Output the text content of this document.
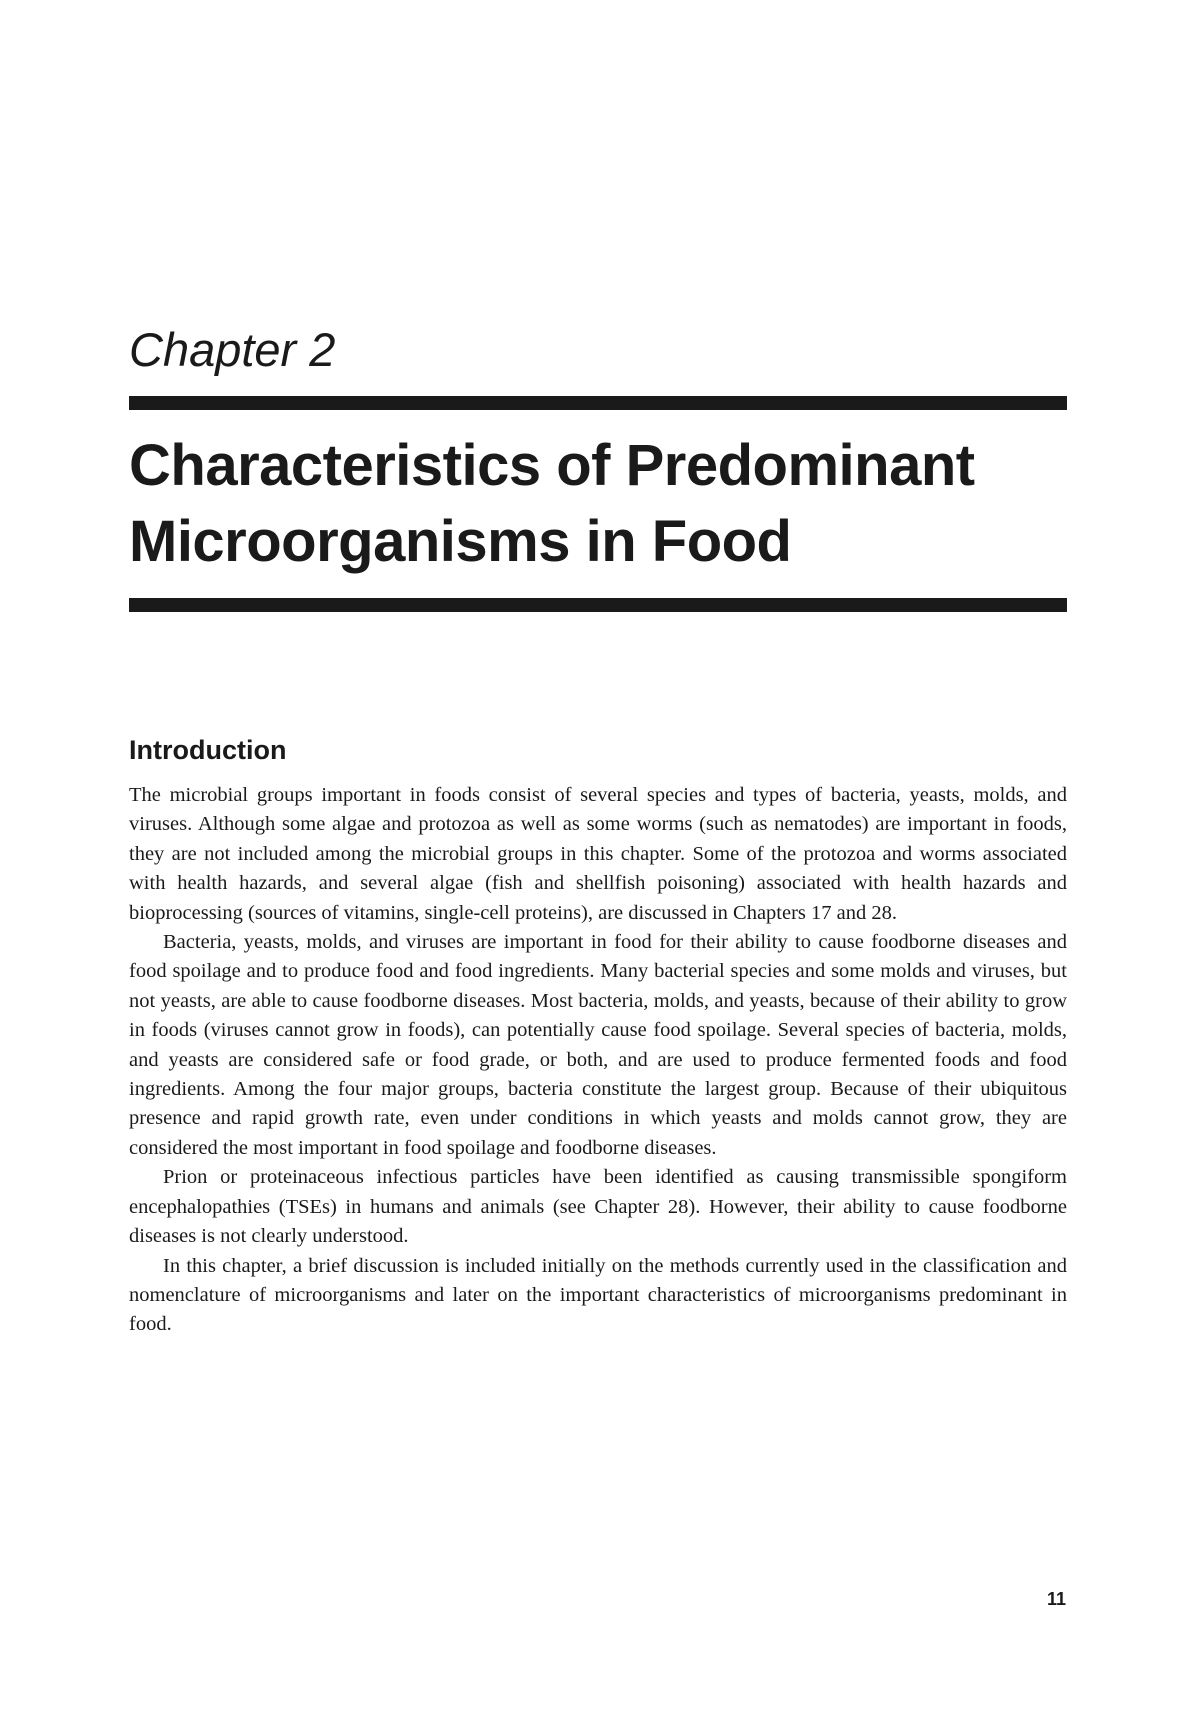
Chapter 2
Characteristics of Predominant
Microorganisms in Food
Introduction

The microbial groups important in foods consist of several species and types of bacteria, yeasts, molds, and viruses. Although some algae and protozoa as well as some worms (such as nematodes) are important in foods, they are not included among the microbial groups in this chapter. Some of the protozoa and worms associated with health hazards, and several algae (fish and shellfish poisoning) associated with health hazards and bioprocessing (sources of vitamins, single-cell proteins), are discussed in Chapters 17 and 28.

Bacteria, yeasts, molds, and viruses are important in food for their ability to cause foodborne diseases and food spoilage and to produce food and food ingredients. Many bacterial species and some molds and viruses, but not yeasts, are able to cause foodborne diseases. Most bacteria, molds, and yeasts, because of their ability to grow in foods (viruses cannot grow in foods), can potentially cause food spoilage. Several species of bacteria, molds, and yeasts are considered safe or food grade, or both, and are used to produce fermented foods and food ingredients. Among the four major groups, bacteria constitute the largest group. Because of their ubiquitous presence and rapid growth rate, even under conditions in which yeasts and molds cannot grow, they are considered the most important in food spoilage and foodborne diseases.

Prion or proteinaceous infectious particles have been identified as causing transmissible spongiform encephalopathies (TSEs) in humans and animals (see Chapter 28). However, their ability to cause foodborne diseases is not clearly understood.

In this chapter, a brief discussion is included initially on the methods currently used in the classification and nomenclature of microorganisms and later on the important characteristics of microorganisms predominant in food.

11
